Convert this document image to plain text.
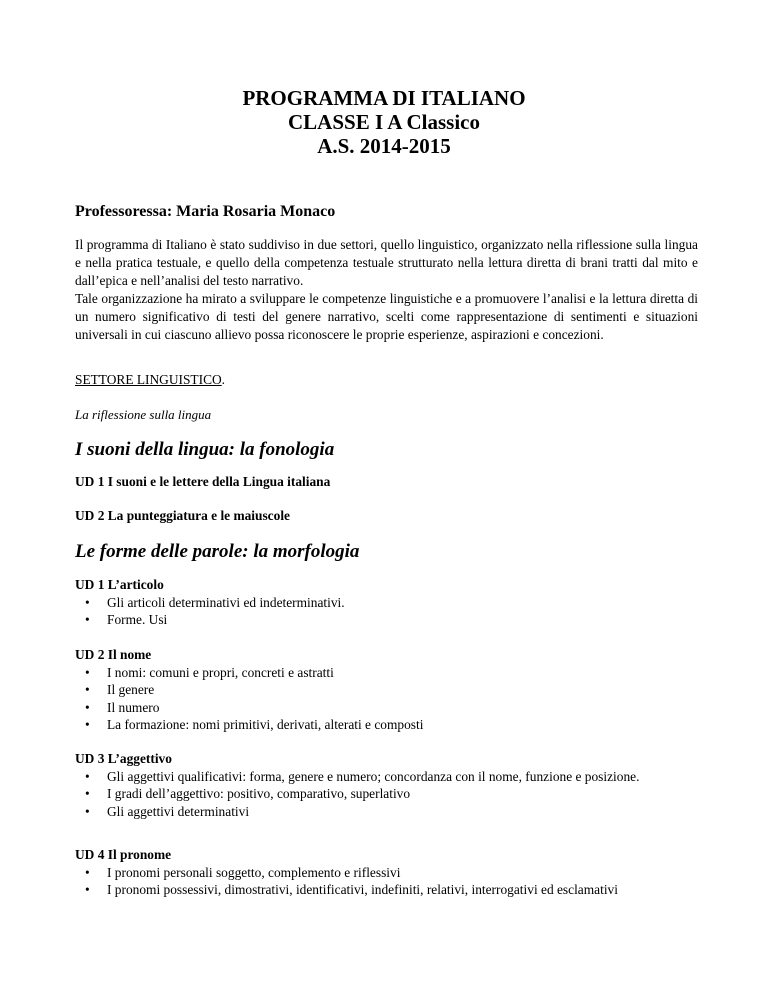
PROGRAMMA DI ITALIANO

CLASSE I A Classico

A.S. 2014-2015

Professoressa: Maria Rosaria Monaco

Il programma di Italiano è stato suddiviso in due settori, quello linguistico, organizzato nella riflessione sulla lingua e nella pratica testuale, e quello della competenza testuale strutturato nella lettura diretta di brani tratti dal mito e dall’epica e nell’analisi del testo narrativo.

Tale organizzazione ha mirato a sviluppare le competenze linguistiche e a promuovere l’analisi e la lettura diretta di un numero significativo di testi del genere narrativo, scelti come rappresentazione di sentimenti e situazioni universali in cui ciascuno allievo possa riconoscere le proprie esperienze, aspirazioni e concezioni.

SETTORE LINGUISTICO.

La riflessione sulla lingua

I suoni della lingua: la fonologia

UD 1 I suoni e le lettere della Lingua italiana

UD 2 La punteggiatura e le maiuscole

Le forme delle parole: la morfologia

UD 1 L’articolo

• Gli articoli determinativi ed indeterminativi.
• Forme. Usi

UD 2 Il nome

• I nomi: comuni e propri, concreti e astratti
• Il genere
• Il numero
• La formazione: nomi primitivi, derivati, alterati e composti

UD 3 L’aggettivo

• Gli aggettivi qualificativi: forma, genere e numero; concordanza con il nome, funzione e posizione.
• I gradi dell’aggettivo: positivo, comparativo, superlativo
• Gli aggettivi determinativi

UD 4 Il pronome

• I pronomi personali soggetto, complemento e riflessivi
• I pronomi possessivi, dimostrativi, identificativi, indefiniti, relativi, interrogativi ed esclamativi
